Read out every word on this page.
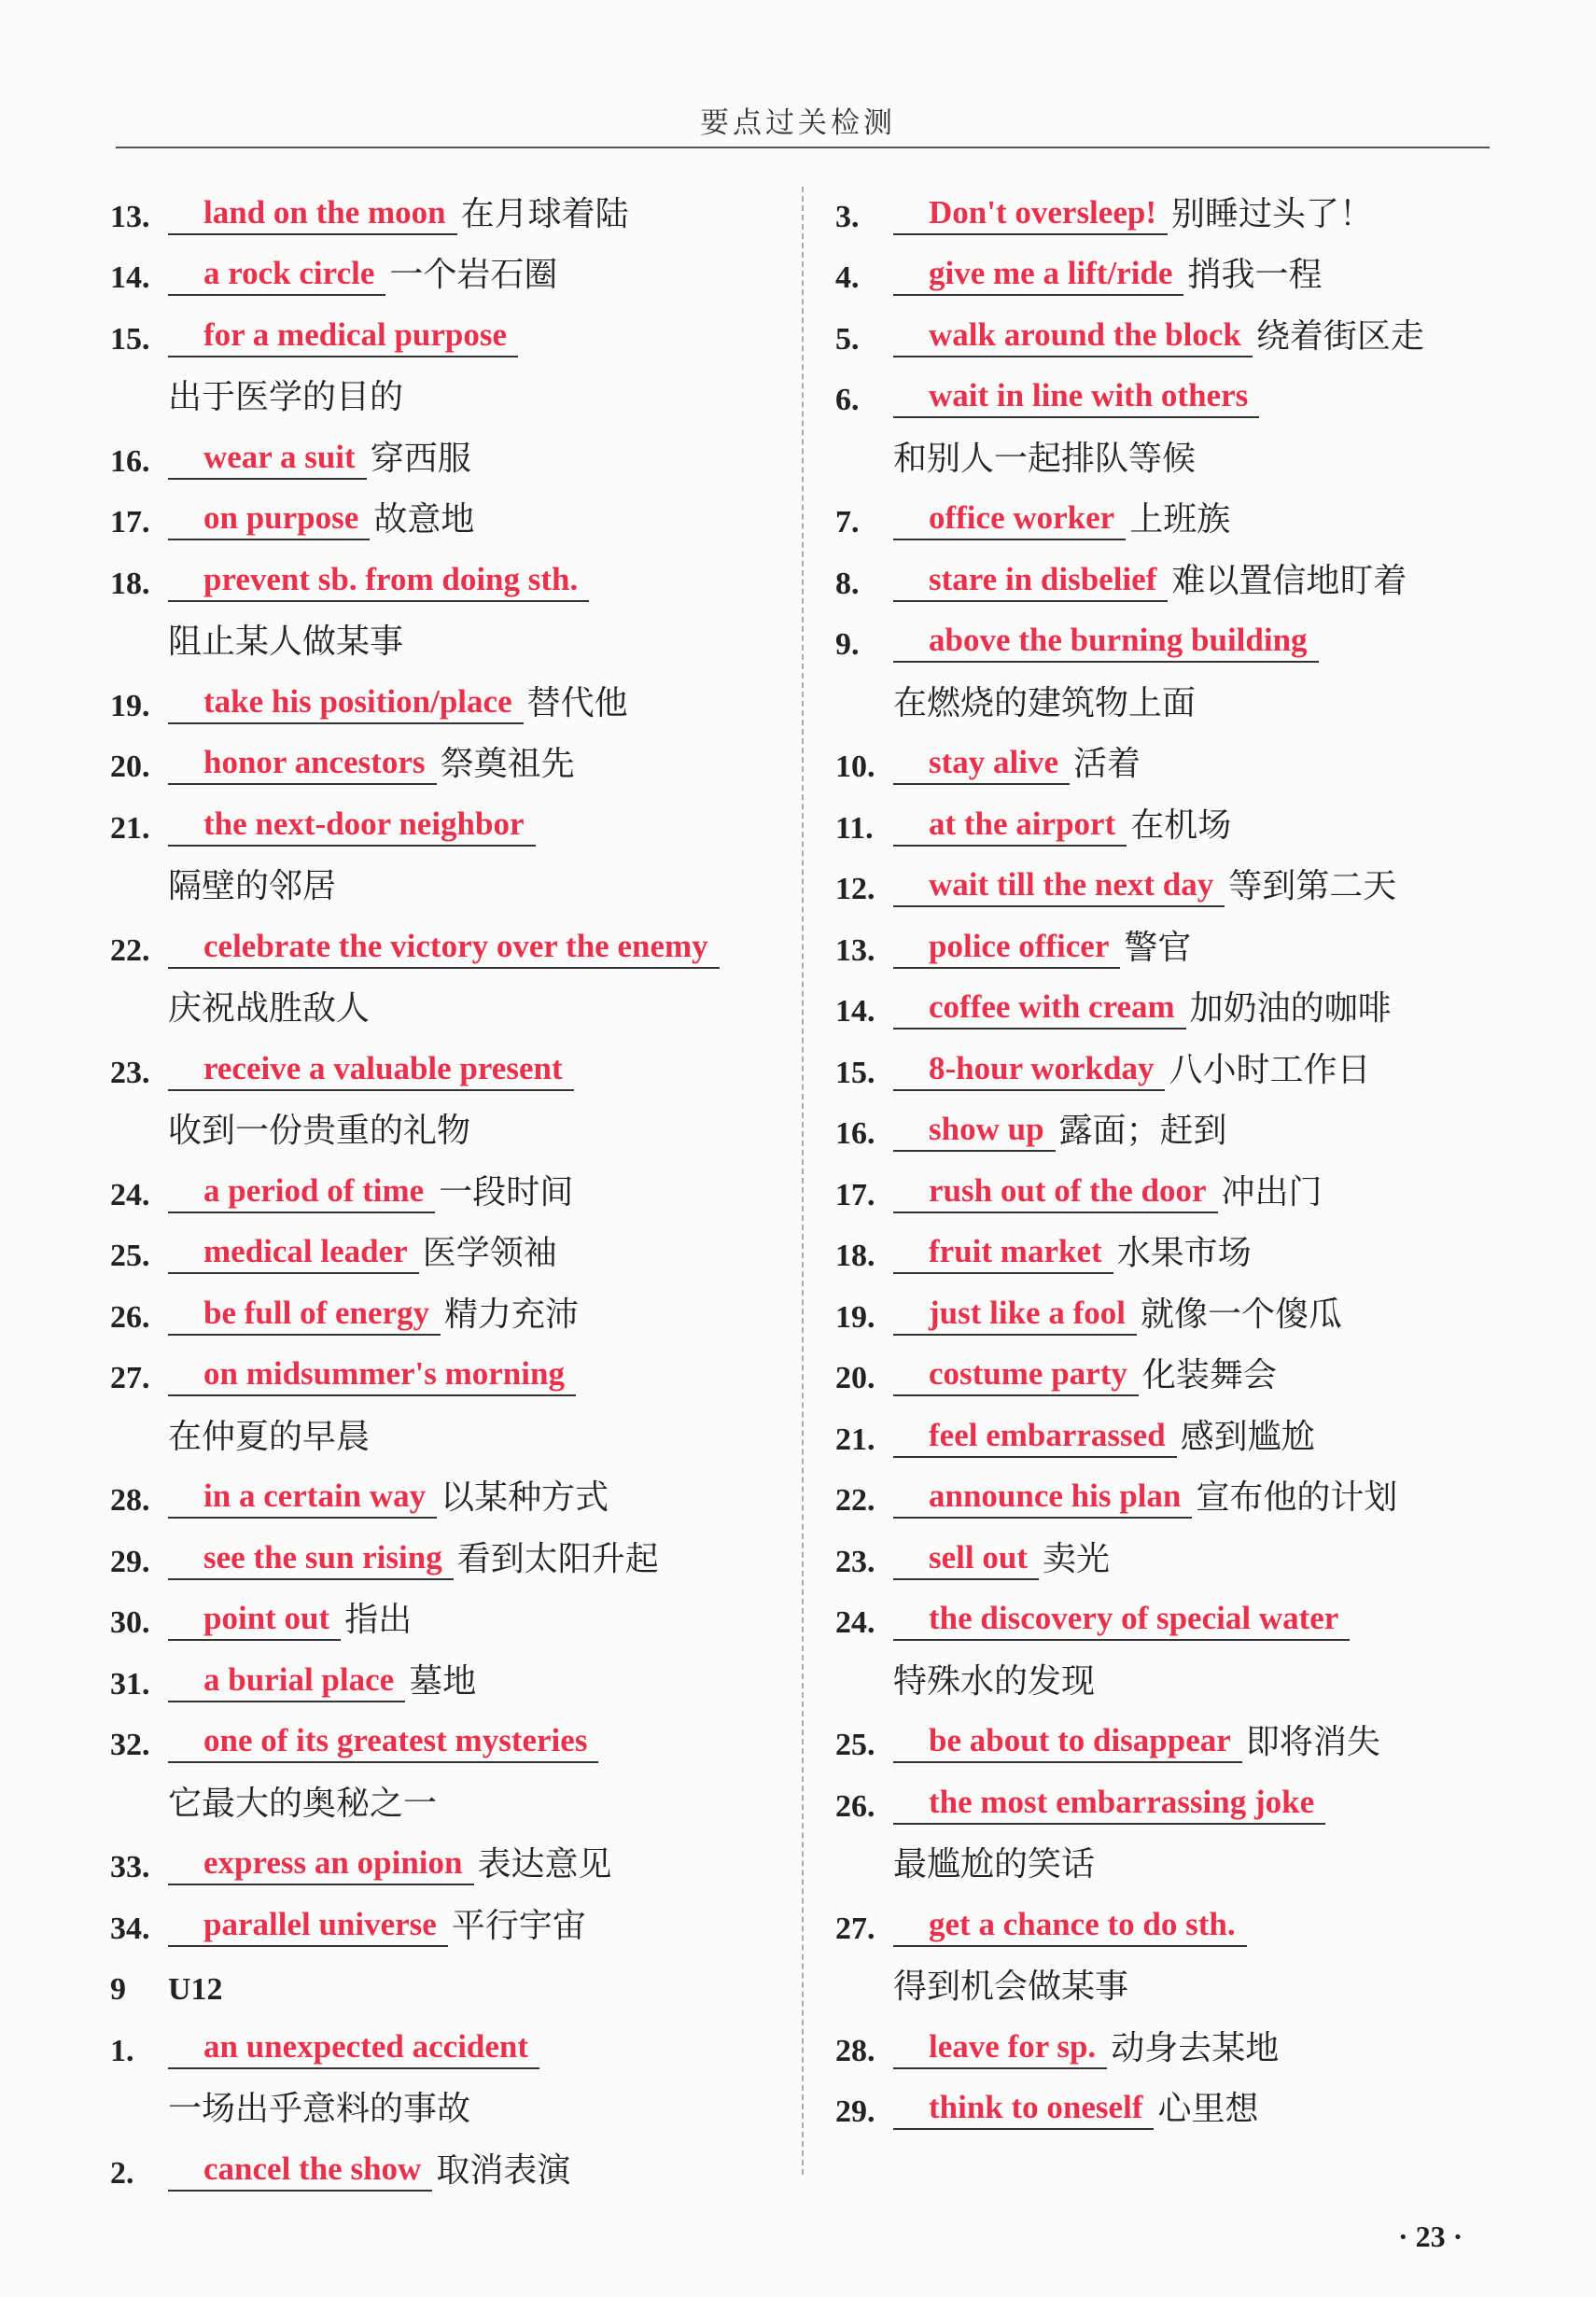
要点过关检测
13.	land on the moon 在月球着陆
14.	a rock circle 一个岩石圈
15.	for a medical purpose
出于医学的目的
16.	wear a suit 穿西服
17.	on purpose 故意地
18.	prevent sb. from doing sth.
阻止某人做某事
19.	take his position/place 替代他
20.	honor ancestors 祭奠祖先
21.	the next-door neighbor
隔壁的邻居
22.	celebrate the victory over the enemy
庆祝战胜敌人
23.	receive a valuable present
收到一份贵重的礼物
24.	a period of time 一段时间
25.	medical leader 医学领袖
26.	be full of energy 精力充沛
27.	on midsummer's morning
在仲夏的早晨
28.	in a certain way 以某种方式
29.	see the sun rising 看到太阳升起
30.	point out 指出
31.	a burial place 墓地
32.	one of its greatest mysteries
它最大的奥秘之一
33.	express an opinion 表达意见
34.	parallel universe 平行宇宙
9	U12
1.	an unexpected accident
一场出乎意料的事故
2.	cancel the show 取消表演
3.	Don't oversleep! 别睡过头了！
4.	give me a lift/ride 捎我一程
5.	walk around the block 绕着街区走
6.	wait in line with others
和别人一起排队等候
7.	office worker 上班族
8.	stare in disbelief 难以置信地盯着
9.	above the burning building
在燃烧的建筑物上面
10.	stay alive 活着
11.	at the airport 在机场
12.	wait till the next day 等到第二天
13.	police officer 警官
14.	coffee with cream 加奶油的咖啡
15.	8-hour workday 八小时工作日
16.	show up 露面；赶到
17.	rush out of the door 冲出门
18.	fruit market 水果市场
19.	just like a fool 就像一个傻瓜
20.	costume party 化装舞会
21.	feel embarrassed 感到尴尬
22.	announce his plan 宣布他的计划
23.	sell out 卖光
24.	the discovery of special water
特殊水的发现
25.	be about to disappear 即将消失
26.	the most embarrassing joke
最尴尬的笑话
27.	get a chance to do sth.
得到机会做某事
28.	leave for sp. 动身去某地
29.	think to oneself 心里想
· 23 ·
